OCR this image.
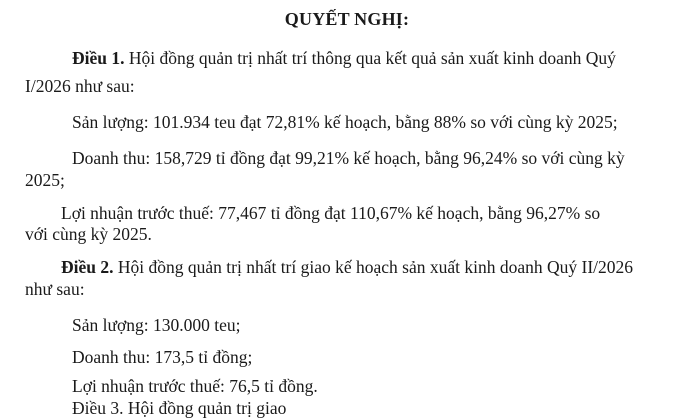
QUYẾT NGHỊ:
Điều 1. Hội đồng quản trị nhất trí thông qua kết quả sản xuất kinh doanh Quý
I/2026 như sau:
Sản lượng: 101.934 teu đạt 72,81% kế hoạch, bằng 88% so với cùng kỳ 2025;
Doanh thu: 158,729 tỉ đồng đạt 99,21% kế hoạch, bằng 96,24% so với cùng kỳ
2025;
Lợi nhuận trước thuế: 77,467 tỉ đồng đạt 110,67% kế hoạch, bằng 96,27% so
với cùng kỳ 2025.
Điều 2. Hội đồng quản trị nhất trí giao kế hoạch sản xuất kinh doanh Quý II/2026
như sau:
Sản lượng: 130.000 teu;
Doanh thu: 173,5 tỉ đồng;
Lợi nhuận trước thuế: 76,5 tỉ đồng.
Điều 3. Hội đồng quản trị giao
